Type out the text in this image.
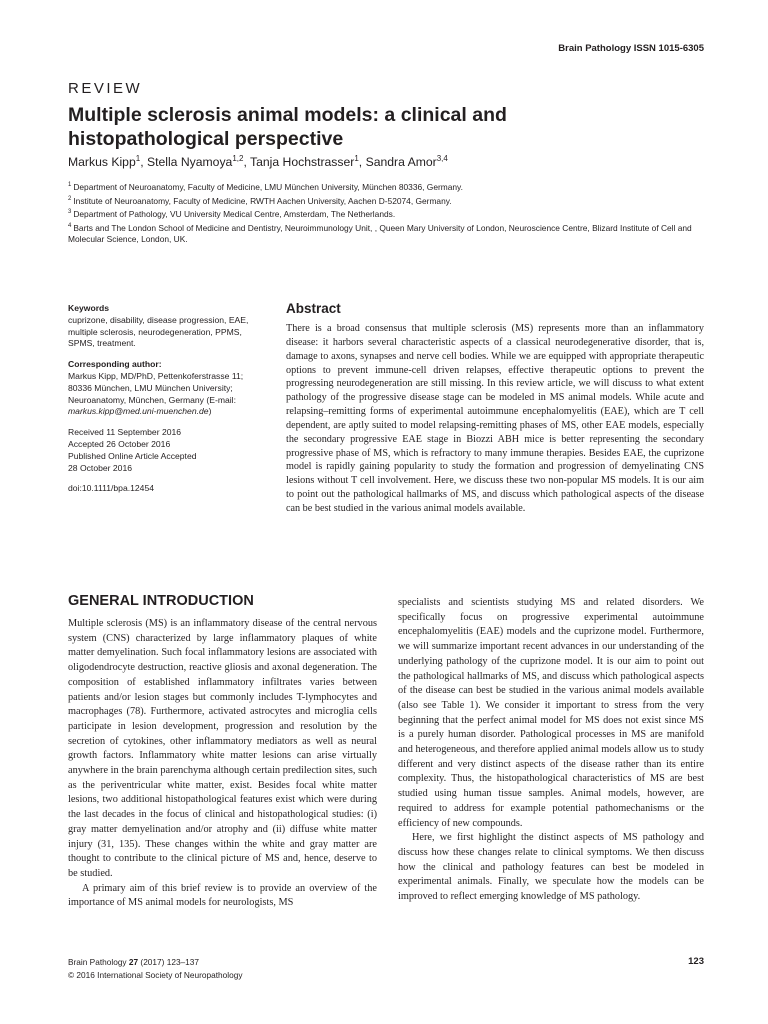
Brain Pathology ISSN 1015-6305
REVIEW
Multiple sclerosis animal models: a clinical and histopathological perspective
Markus Kipp$^1$, Stella Nyamoya$^{1,2}$, Tanja Hochstrasser$^1$, Sandra Amor$^{3,4}$
$^1$ Department of Neuroanatomy, Faculty of Medicine, LMU München University, München 80336, Germany.
$^2$ Institute of Neuroanatomy, Faculty of Medicine, RWTH Aachen University, Aachen D-52074, Germany.
$^3$ Department of Pathology, VU University Medical Centre, Amsterdam, The Netherlands.
$^4$ Barts and The London School of Medicine and Dentistry, Neuroimmunology Unit, , Queen Mary University of London, Neuroscience Centre, Blizard Institute of Cell and Molecular Science, London, UK.
Keywords
cuprizone, disability, disease progression, EAE, multiple sclerosis, neurodegeneration, PPMS, SPMS, treatment.
Corresponding author:
Markus Kipp, MD/PhD, Pettenkoferstrasse 11; 80336 München, LMU München University; Neuroanatomy, München, Germany (E-mail: markus.kipp@med.uni-muenchen.de)
Received 11 September 2016
Accepted 26 October 2016
Published Online Article Accepted
28 October 2016
doi:10.1111/bpa.12454
Abstract
There is a broad consensus that multiple sclerosis (MS) represents more than an inflammatory disease: it harbors several characteristic aspects of a classical neurodegenerative disorder, that is, damage to axons, synapses and nerve cell bodies. While we are equipped with appropriate therapeutic options to prevent immune-cell driven relapses, effective therapeutic options to prevent the progressing neurodegeneration are still missing. In this review article, we will discuss to what extent pathology of the progressive disease stage can be modeled in MS animal models. While acute and relapsing–remitting forms of experimental autoimmune encephalomyelitis (EAE), which are T cell dependent, are aptly suited to model relapsing-remitting phases of MS, other EAE models, especially the secondary progressive EAE stage in Biozzi ABH mice is better representing the secondary progressive phase of MS, which is refractory to many immune therapies. Besides EAE, the cuprizone model is rapidly gaining popularity to study the formation and progression of demyelinating CNS lesions without T cell involvement. Here, we discuss these two non-popular MS models. It is our aim to point out the pathological hallmarks of MS, and discuss which pathological aspects of the disease can be best studied in the various animal models available.
GENERAL INTRODUCTION

Multiple sclerosis (MS) is an inflammatory disease of the central nervous system (CNS) characterized by large inflammatory plaques of white matter demyelination. Such focal inflammatory lesions are associated with oligodendrocyte destruction, reactive gliosis and axonal degeneration. The composition of established inflammatory infiltrates varies between patients and/or lesion stages but commonly includes T-lymphocytes and macrophages (78). Furthermore, activated astrocytes and microglia cells participate in lesion development, progression and resolution by the secretion of cytokines, other inflammatory mediators as well as neural growth factors. Inflammatory white matter lesions can arise virtually anywhere in the brain parenchyma although certain predilection sites, such as the periventricular white matter, exist. Besides focal white matter lesions, two additional histopathological features exist which were during the last decades in the focus of clinical and histopathological studies: (i) gray matter demyelination and/or atrophy and (ii) diffuse white matter injury (31, 135). These changes within the white and gray matter are thought to contribute to the clinical picture of MS and, hence, deserve to be studied.

A primary aim of this brief review is to provide an overview of the importance of MS animal models for neurologists, MS

specialists and scientists studying MS and related disorders. We specifically focus on progressive experimental autoimmune encephalomyelitis (EAE) models and the cuprizone model. Furthermore, we will summarize important recent advances in our understanding of the underlying pathology of the cuprizone model. It is our aim to point out the pathological hallmarks of MS, and discuss which pathological aspects of the disease can best be studied in the various animal models available (also see Table 1). We consider it important to stress from the very beginning that the perfect animal model for MS does not exist since MS is a purely human disorder. Pathological processes in MS are manifold and heterogeneous, and therefore applied animal models allow us to study different and very distinct aspects of the disease rather than its entire complexity. Thus, the histopathological characteristics of MS are best studied using human tissue samples. Animal models, however, are required to address for example potential pathomechanisms or the efficiency of new compounds.

Here, we first highlight the distinct aspects of MS pathology and discuss how these changes relate to clinical symptoms. We then discuss how the clinical and pathology features can best be modeled in experimental animals. Finally, we speculate how the models can be improved to reflect emerging knowledge of MS pathology.

Brain Pathology 27 (2017) 123–137
© 2016 International Society of Neuropathology
123
